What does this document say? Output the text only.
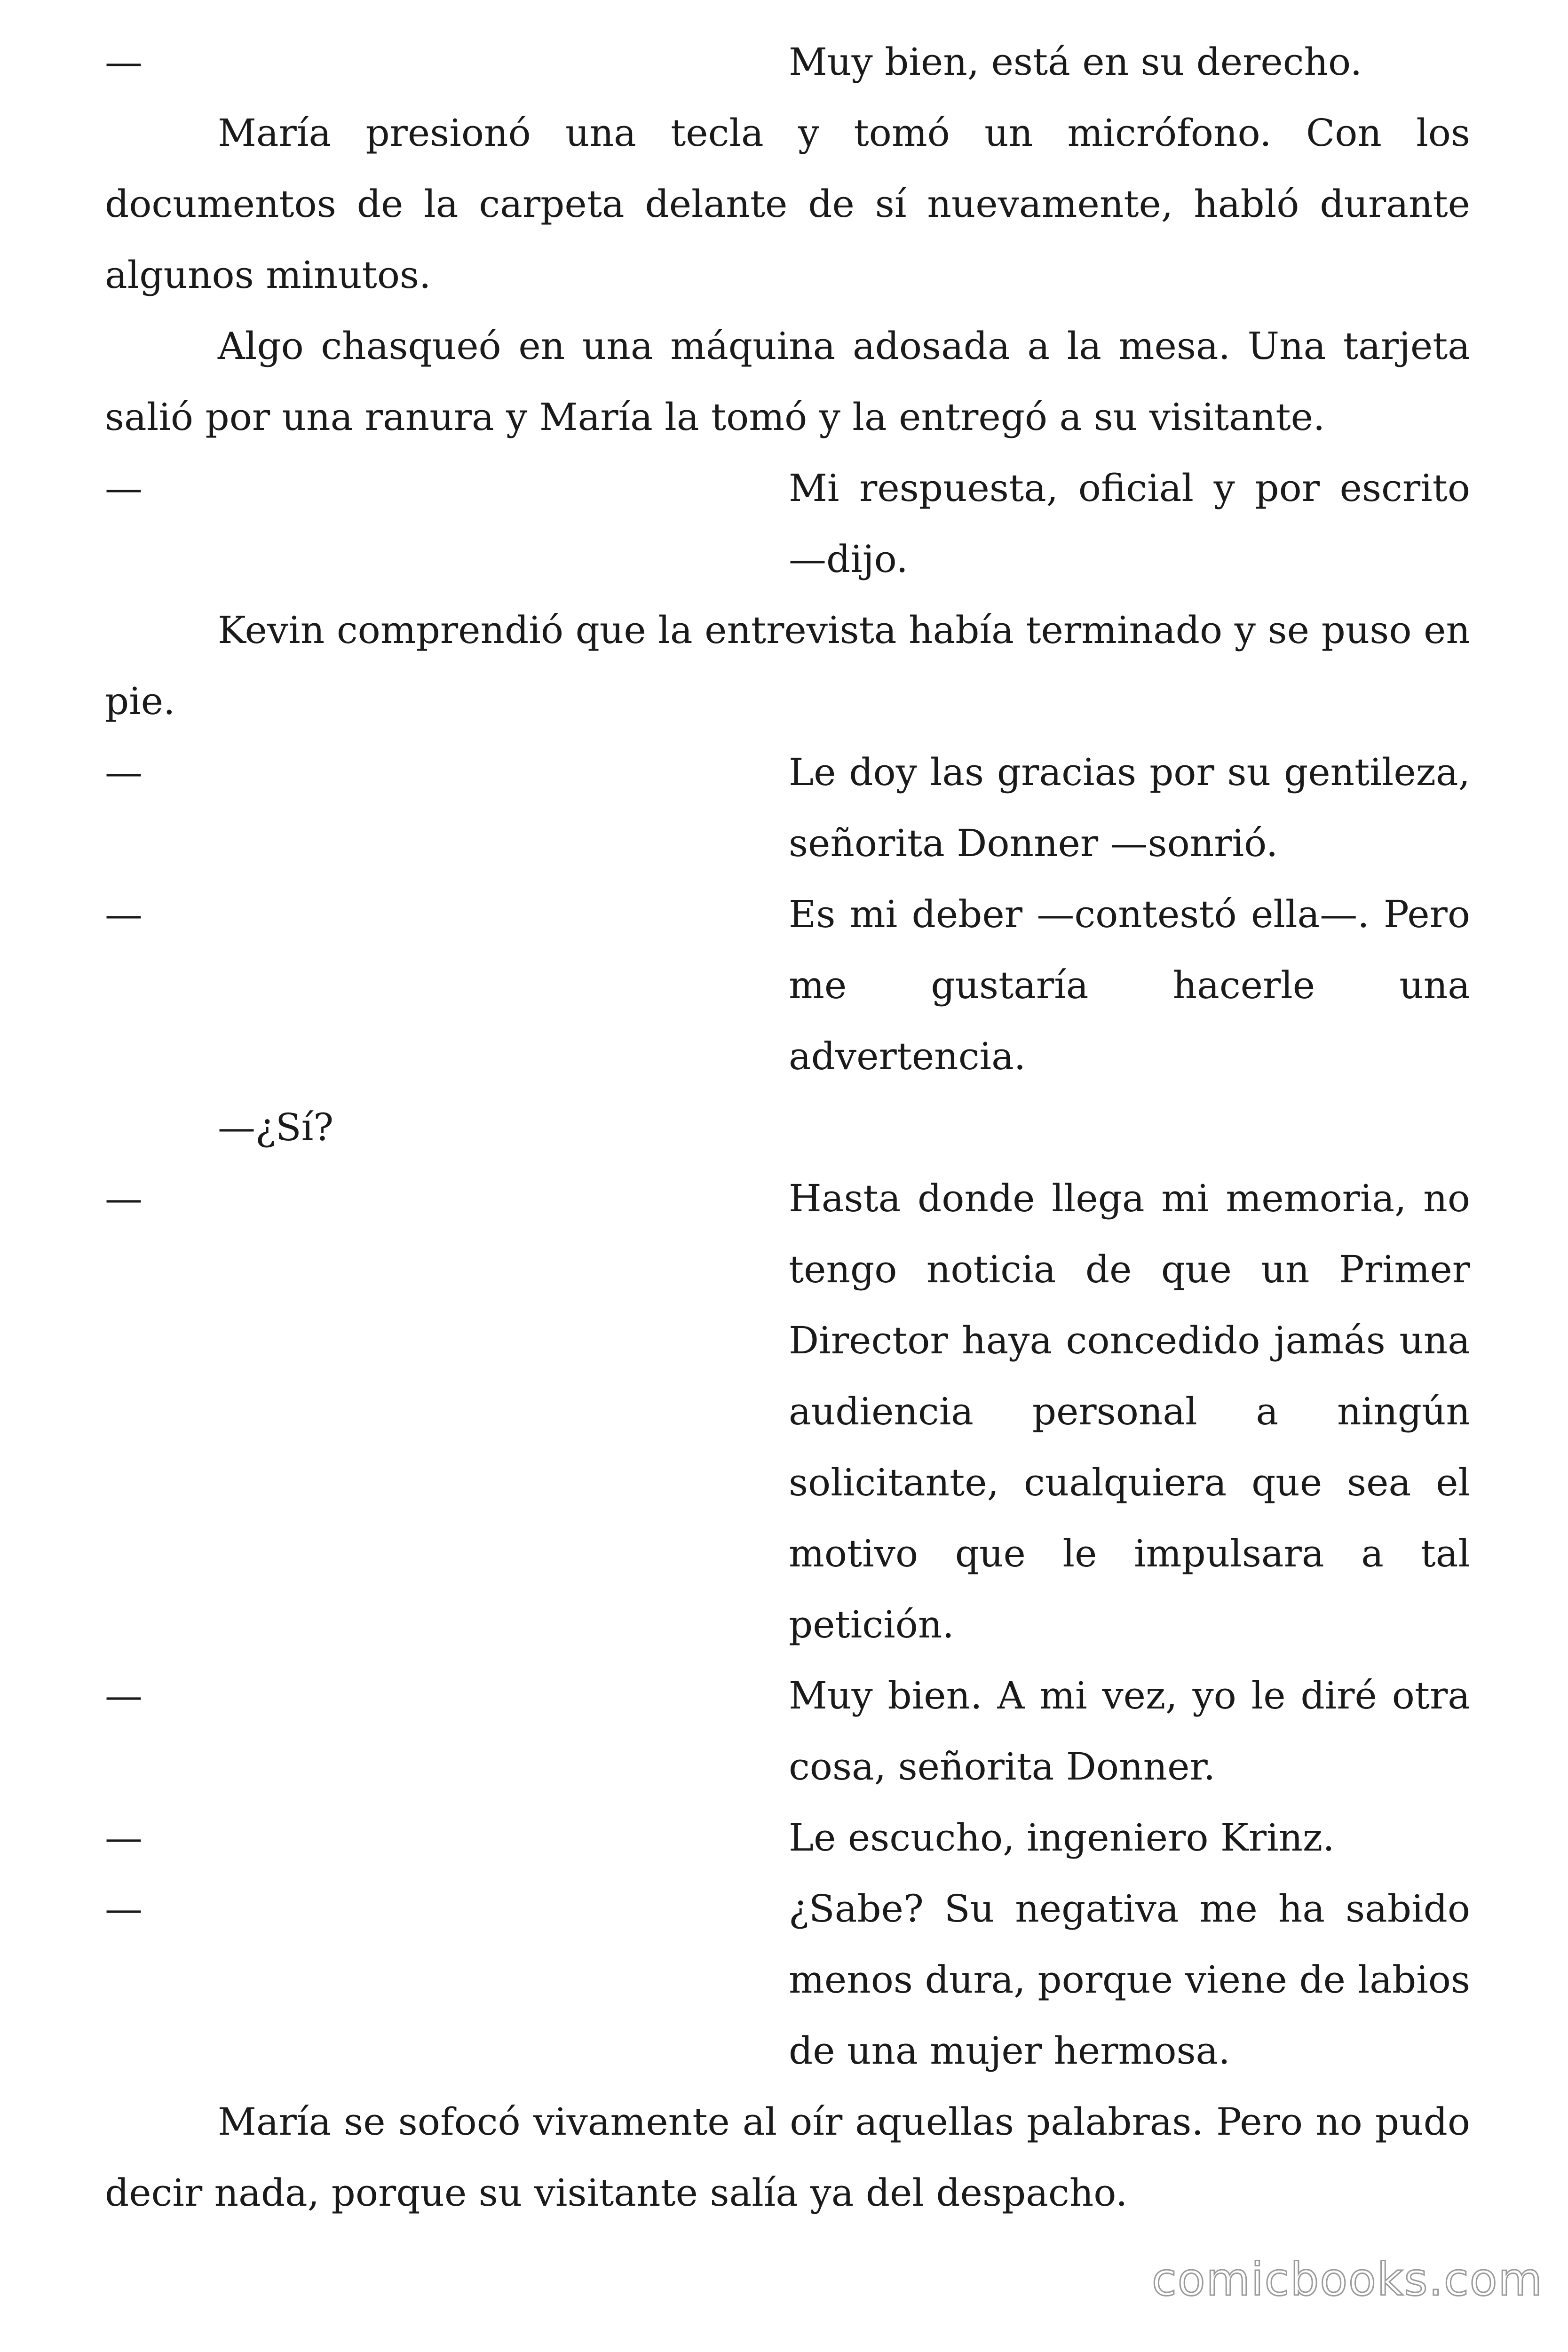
—	Muy bien, está en su derecho.

María presionó una tecla y tomó un micrófono. Con los documentos de la carpeta delante de sí nuevamente, habló durante algunos minutos.

Algo chasqueó en una máquina adosada a la mesa. Una tarjeta salió por una ranura y María la tomó y la entregó a su visitante.

—	Mi respuesta, oficial y por escrito —dijo.

Kevin comprendió que la entrevista había terminado y se puso en pie.

—	Le doy las gracias por su gentileza, señorita Donner —sonrió.
—	Es mi deber —contestó ella—. Pero me gustaría hacerle una advertencia.

—¿Sí?

—	Hasta donde llega mi memoria, no tengo noticia de que un Primer Director haya concedido jamás una audiencia personal a ningún solicitante, cualquiera que sea el motivo que le impulsara a tal petición.
—	Muy bien. A mi vez, yo le diré otra cosa, señorita Donner.
—	Le escucho, ingeniero Krinz.
—	¿Sabe? Su negativa me ha sabido menos dura, porque viene de labios de una mujer hermosa.

María se sofocó vivamente al oír aquellas palabras. Pero no pudo decir nada, porque su visitante salía ya del despacho.

comicbooks.com
